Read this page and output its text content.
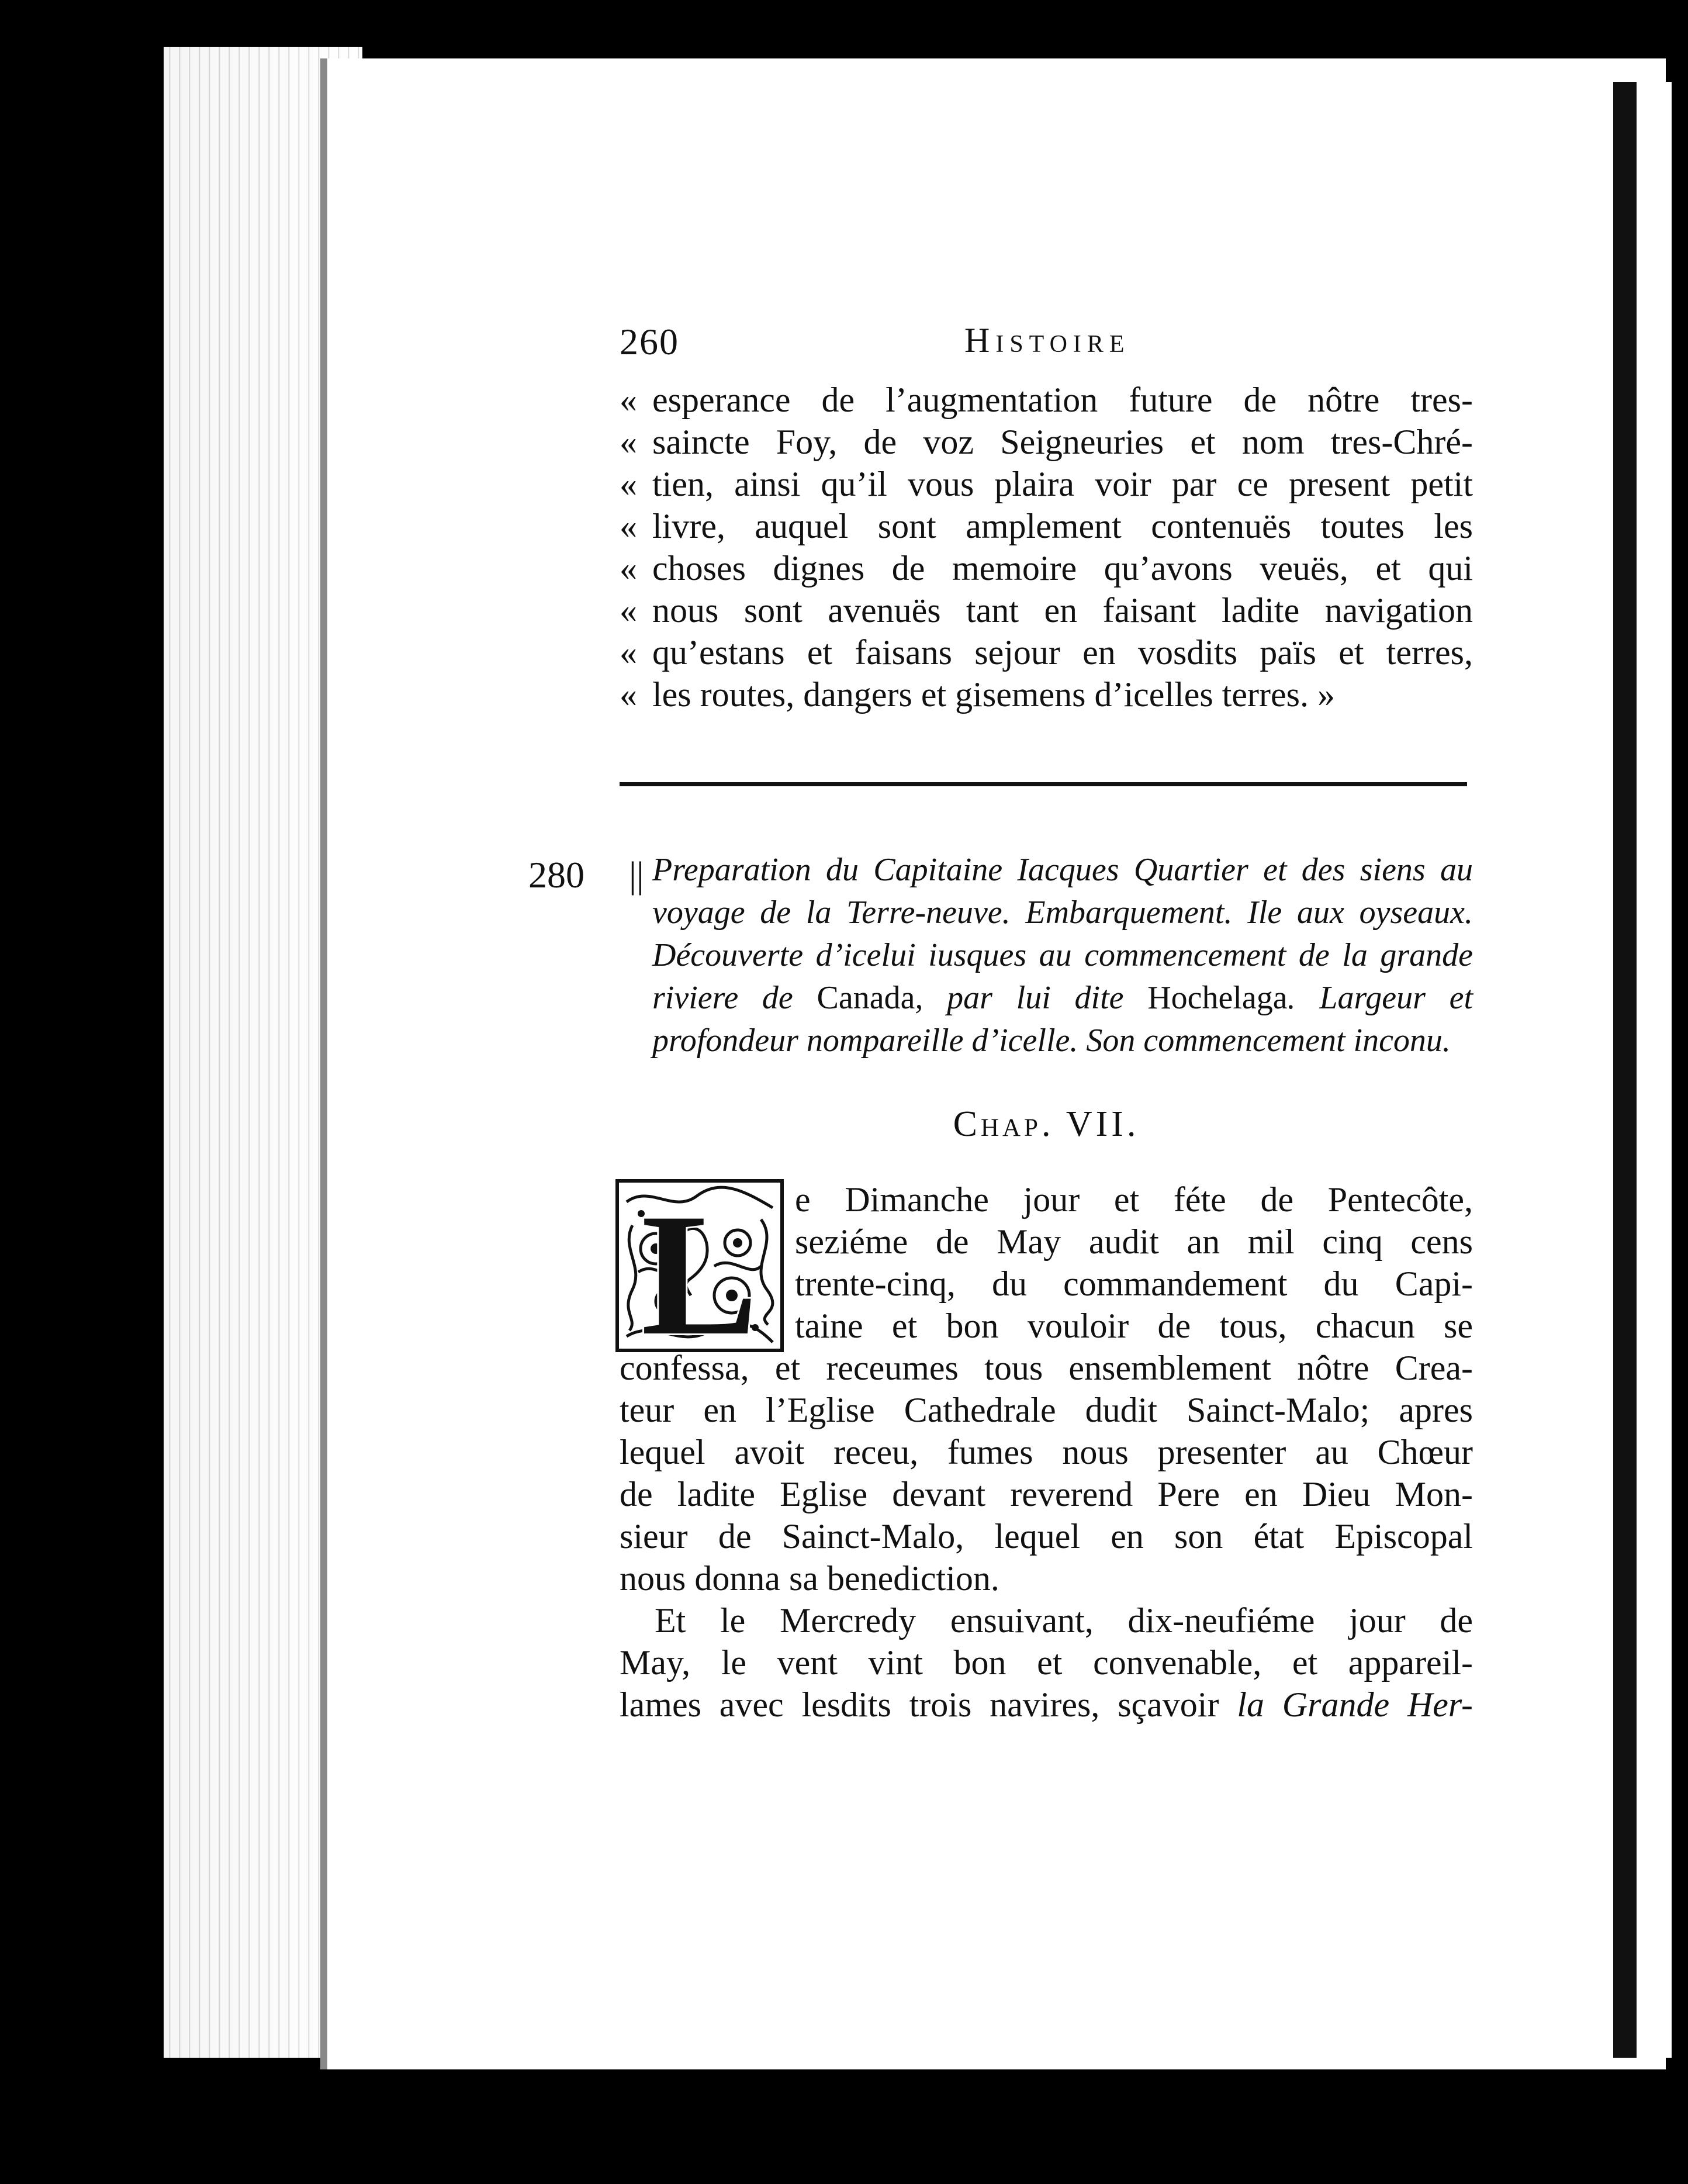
260	Histoire
« esperance de l’augmentation future de nôtre tres-
« saincte Foy, de voz Seigneuries et nom tres-Chré-
« tien, ainsi qu’il vous plaira voir par ce present petit
« livre, auquel sont amplement contenuës toutes les
« choses dignes de memoire qu’avons veuës, et qui
« nous sont avenuës tant en faisant ladite navigation
« qu’estans et faisans sejour en vosdits païs et terres,
« les routes, dangers et gisemens d’icelles terres. »
280 || Preparation du Capitaine Iacques Quartier et des siens au voyage de la Terre-neuve. Embarquement. Ile aux oyseaux. Découverte d’icelui iusques au commencement de la grande riviere de Canada, par lui dite Hochelaga. Largeur et profondeur nompareille d’icelle. Son commencement inconu.
Chap. VII.
L e Dimanche jour et féte de Pentecôte,
seziéme de May audit an mil cinq cens
trente-cinq, du commandement du Capi-
taine et bon vouloir de tous, chacun se
confessa, et receumes tous ensemblement nôtre Crea-
teur en l’Eglise Cathedrale dudit Sainct-Malo; apres
lequel avoit receu, fumes nous presenter au Chœur
de ladite Eglise devant reverend Pere en Dieu Mon-
sieur de Sainct-Malo, lequel en son état Episcopal
nous donna sa benediction.
Et le Mercredy ensuivant, dix-neufiéme jour de
May, le vent vint bon et convenable, et appareil-
lames avec lesdits trois navires, sçavoir la Grande Her-
